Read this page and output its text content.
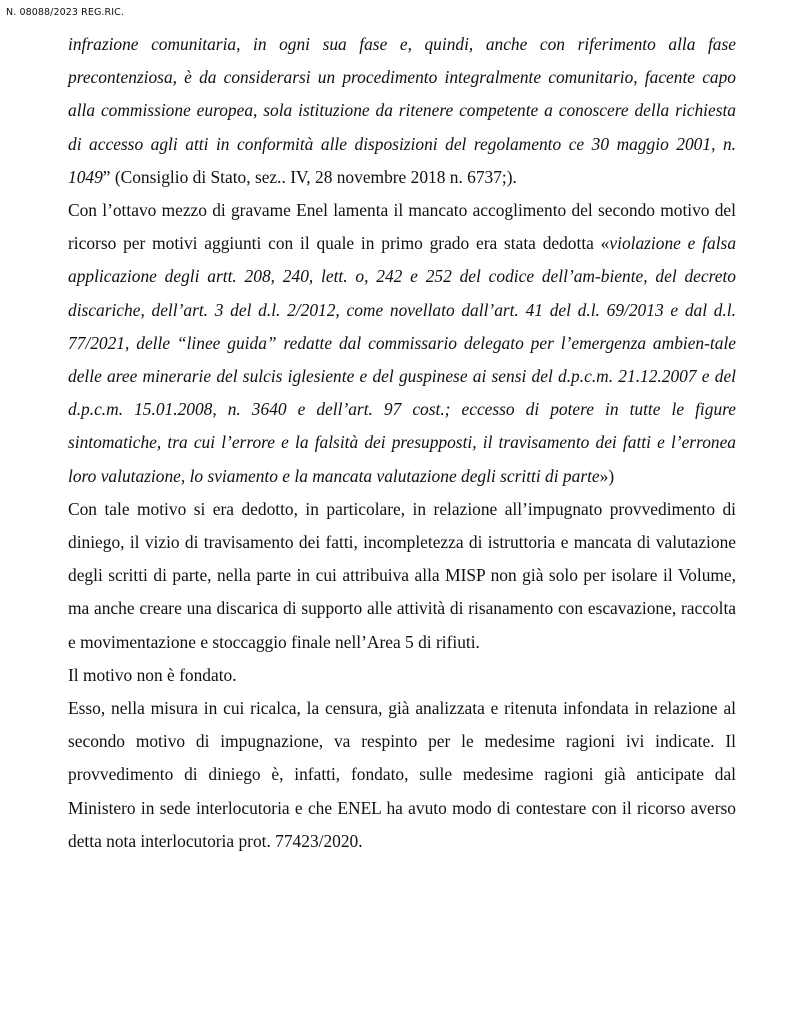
N. 08088/2023 REG.RIC.

infrazione comunitaria, in ogni sua fase e, quindi, anche con riferimento alla fase precontenziosa, è da considerarsi un procedimento integralmente comunitario, facente capo alla commissione europea, sola istituzione da ritenere competente a conoscere della richiesta di accesso agli atti in conformità alle disposizioni del regolamento ce 30 maggio 2001, n. 1049” (Consiglio di Stato, sez.. IV, 28 novembre 2018 n. 6737;).

Con l’ottavo mezzo di gravame Enel lamenta il mancato accoglimento del secondo motivo del ricorso per motivi aggiunti con il quale in primo grado era stata dedotta «violazione e falsa applicazione degli artt. 208, 240, lett. o, 242 e 252 del codice dell’am-biente, del decreto discariche, dell’art. 3 del d.l. 2/2012, come novellato dall’art. 41 del d.l. 69/2013 e dal d.l. 77/2021, delle “linee guida” redatte dal commissario delegato per l’emergenza ambien-tale delle aree minerarie del sulcis iglesiente e del guspinese ai sensi del d.p.c.m. 21.12.2007 e del d.p.c.m. 15.01.2008, n. 3640 e dell’art. 97 cost.; eccesso di potere in tutte le figure sintomatiche, tra cui l’errore e la falsità dei presupposti, il travisamento dei fatti e l’erronea loro valutazione, lo sviamento e la mancata valutazione degli scritti di parte»)

Con tale motivo si era dedotto, in particolare, in relazione all’impugnato provvedimento di diniego, il vizio di travisamento dei fatti, incompletezza di istruttoria e mancata di valutazione degli scritti di parte, nella parte in cui attribuiva alla MISP non già solo per isolare il Volume, ma anche creare una discarica di supporto alle attività di risanamento con escavazione, raccolta e movimentazione e stoccaggio finale nell’Area 5 di rifiuti.

Il motivo non è fondato.

Esso, nella misura in cui ricalca, la censura, già analizzata e ritenuta infondata in relazione al secondo motivo di impugnazione, va respinto per le medesime ragioni ivi indicate. Il provvedimento di diniego è, infatti, fondato, sulle medesime ragioni già anticipate dal Ministero in sede interlocutoria e che ENEL ha avuto modo di contestare con il ricorso averso detta nota interlocutoria prot. 77423/2020.
